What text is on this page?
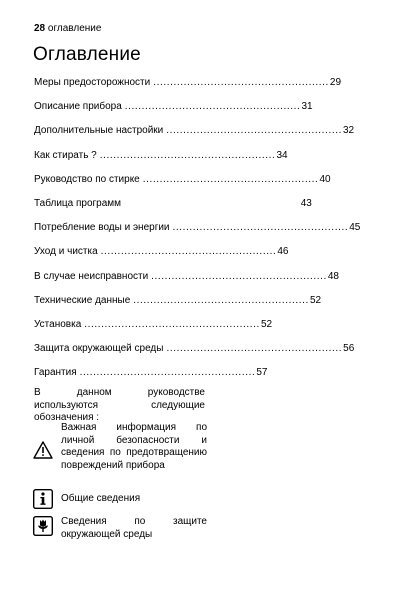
28 оглавление
Оглавление
Меры предосторожности .................................................... 29
Описание прибора .................................................... 31
Дополнительные настройки .................................................... 32
Как стирать ? .................................................... 34
Руководство по стирке .................................................... 40
Таблица программ	43
Потребление воды и энергии .................................................... 45
Уход и чистка .................................................... 46
В случае неисправности .................................................... 48
Технические данные .................................................... 52
Установка .................................................... 52
Защита окружающей среды .................................................... 56
Гарантия .................................................... 57
В данном руководстве используются следующие обозначения :
Важная информация по личной безопасности и сведения по предотвращению повреждений прибора
Общие сведения
Сведения по защите окружающей среды
